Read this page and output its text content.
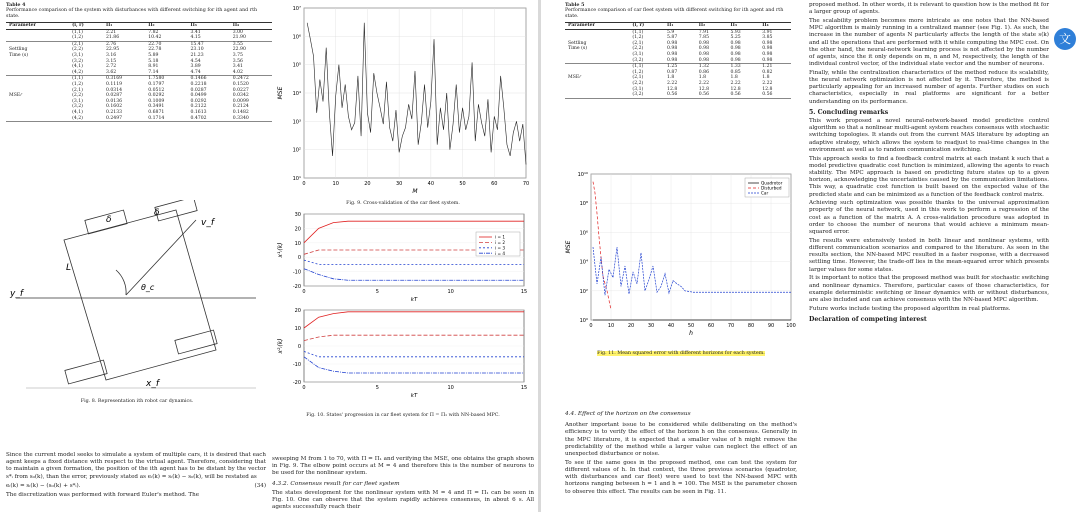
Table 4
Performance comparison of the system with disturbances with different switching for ith agent and rth state.
Parameter	(i, r)	Π₁	Π₂	Π₃	Π₄
	(1,1)	2.21	7.82	3.41	3.00
	(1,2)	21.86	10.42	4.15	21.90
	(2,1)	2.76	22.70	15.47	3.55
Settling	(2,2)	22.95	22.78	23.10	22.90
Time (s)	(3,1)	3.16	5.89	21.23	3.75
	(3,2)	3.15	5.18	4.54	3.56
	(4,1)	2.72	8.91	3.89	3.41
	(4,2)	3.62	7.14	4.74	4.02
	(1,1)	0.3169	1.7580	0.1466	0.2472
	(1,2)	0.1119	0.1797	0.2218	0.1520
	(2,1)	0.0314	0.0512	0.0287	0.0227
MSEᵢʳ	(2,2)	0.0287	0.0292	0.0499	0.0342
	(3,1)	0.0136	0.1009	0.0292	0.0099
	(3,2)	0.1602	0.3491	0.2122	0.2124
	(4,1)	0.2133	0.6871	0.1613	0.1482
	(4,2)	0.2497	0.1714	0.4702	0.3340
10⁷
10⁶
10⁵
10⁴
10³
10²
10¹
0	10	20	30	40	50	60	70
M
MSE
Fig. 9. Cross-validation of the car fleet system.
δ
δ
v_f
L
θ_c
y_f
x_f
Fig. 8. Representation ith robot car dynamics.
30
20
10
0
-10
-20
0	5	10	15
kT
x¹ᵢ(k)
20
10
0
-10
-20
0	5	10	15
kT
x²ᵢ(k)
i = 1
i = 2
i = 3
i = 4
Fig. 10. States' progression in car fleet system for Π = Π₁ with NN-based MPC.

Since the current model seeks to simulate a system of multiple cars, it is desired that each agent keeps a fixed distance with respect to the virtual agent. Therefore, considering that to maintain a given formation, the position of the ith agent has to be distant by the vector s*ᵢ from s₀(k), than the error, previously stated as eᵢ(k) = sᵢ(k) − s₀(k), will be restated as

eᵢ(k) = sᵢ(k) − (s₀(k) + s*ᵢ).	(34)

The discretization was performed with forward Euler's method. The

sweeping M from 1 to 70, with Π = Π₁ and verifying the MSE, one obtains the graph shown in Fig. 9. The elbow point occurs at M = 4 and therefore this is the number of neurons to be used for the nonlinear system.

4.3.2. Consensus result for car fleet system

The states development for the nonlinear system with M = 4 and Π = Π₁ can be seen in Fig. 10. One can observe that the system rapidly achieves consensus, in about 6 s. All agents successfully reach their

Table 5
Performance comparison of car fleet system with different switching for ith agent and rth state.
Parameter	(i, r)	Π₁	Π₂	Π₃	Π₄
	(1,1)	5.9	7.91	5.93	3.91
	(1,2)	5.87	7.85	5.25	3.85
Settling	(2,1)	0.98	0.98	0.98	0.98
Time (s)	(2,2)	0.98	0.98	0.98	0.98
	(3,1)	0.98	0.98	0.98	0.98
	(3,2)	0.98	0.98	0.98	0.98
	(1,1)	1.25	1.32	1.33	1.21
	(1,2)	0.87	0.86	0.85	0.82
MSEᵢʳ	(2,1)	1.8	1.8	1.8	1.8
	(2,2)	2.22	2.22	2.22	2.22
	(3,1)	12.8	12.8	12.8	12.8
	(3,2)	0.56	0.56	0.56	0.56
10¹⁰
10⁸
10⁶
10⁴
10²
10⁰
0	10	20	30	40	50	60	70	80	90 100
Quadrotor
Disturbed
Car
h
MSE
Fig. 11. Mean squared error with different horizons for each system.
4.4. Effect of the horizon on the consensus

Another important issue to be considered while deliberating on the method's efficiency is to verify the effect of the horizon h on the consensus. Generally in the MPC literature, it is expected that a smaller value of h might remove the predictability of the method while a larger value can neglect the effect of an unexpected disturbance or noise.

To see if the same goes in the proposed method, one can test the system for different values of h. In that context, the three previous scenarios (quadrotor, with disturbances and car fleet) were used to test the NN-based MPC with horizons ranging between h = 1 and h = 100. The MSE is the parameter chosen to observe this effect. The results can be seen in Fig. 11.

proposed method. In other words, it is relevant to question how is the method fit for a larger group of agents.

The scalability problem becomes more intricate as one notes that the NN-based MPC algorithm is mainly running in a centralized manner (see Fig. 1). As such, the increase in the number of agents N particularly affects the length of the state s(k) and all the operations that are performed with it while computing the MPC cost. On the other hand, the neural-network learning process is not affected by the number of agents, since the it only depends on m, n and M, respectively, the length of the individual control vector, of the individual state vector and the number of neurons.

Finally, while the centralization characteristics of the method reduce its scalability, the neural network optimization is not affected by it. Therefore, the method is particularly appealing for an increased number of agents. Further studies on such characteristics, especially in real platforms are significant for a better understanding on its performance.

5. Concluding remarks

This work proposed a novel neural-network-based model predictive control algorithm so that a nonlinear multi-agent system reaches consensus with stochastic switching topologies. It stands out from the current MAS literature by adopting an adaptive strategy, which allows the system to readjust to real-time changes in the environment as well as to random communication switching.

This approach seeks to find a feedback control matrix at each instant k such that a model predictive quadratic cost function is minimized, allowing the agents to reach stability. The MPC approach is based on predicting future states up to a given horizon, acknowledging the uncertainties caused by the communication limitations. This way, a quadratic cost function is built based on the expected value of the predicted state and can be minimized as a function of the feedback control matrix.

Achieving such optimization was possible thanks to the universal approximation property of the neural network, used in this work to perform a regression of the cost as a function of the matrix A. A cross-validation procedure was adopted in order to choose the number of neurons that would achieve a minimum mean-squared error.

The results were extensively tested in both linear and nonlinear systems, with different communication scenarios and compared to the literature. As seen in the results section, the NN-based MPC resulted in a faster response, with a decreased settling time. However, the trade-off lies in the mean-squared error which presents larger values for some states.

It is important to notice that the proposed method was built for stochastic switching and nonlinear dynamics. Therefore, particular cases of those characteristics, for example deterministic switching or linear dynamics with or without disturbances, are also included and can achieve consensus with the NN-based MPC algorithm.

Future works include testing the proposed algorithm in real platforms.

Declaration of competing interest
文
